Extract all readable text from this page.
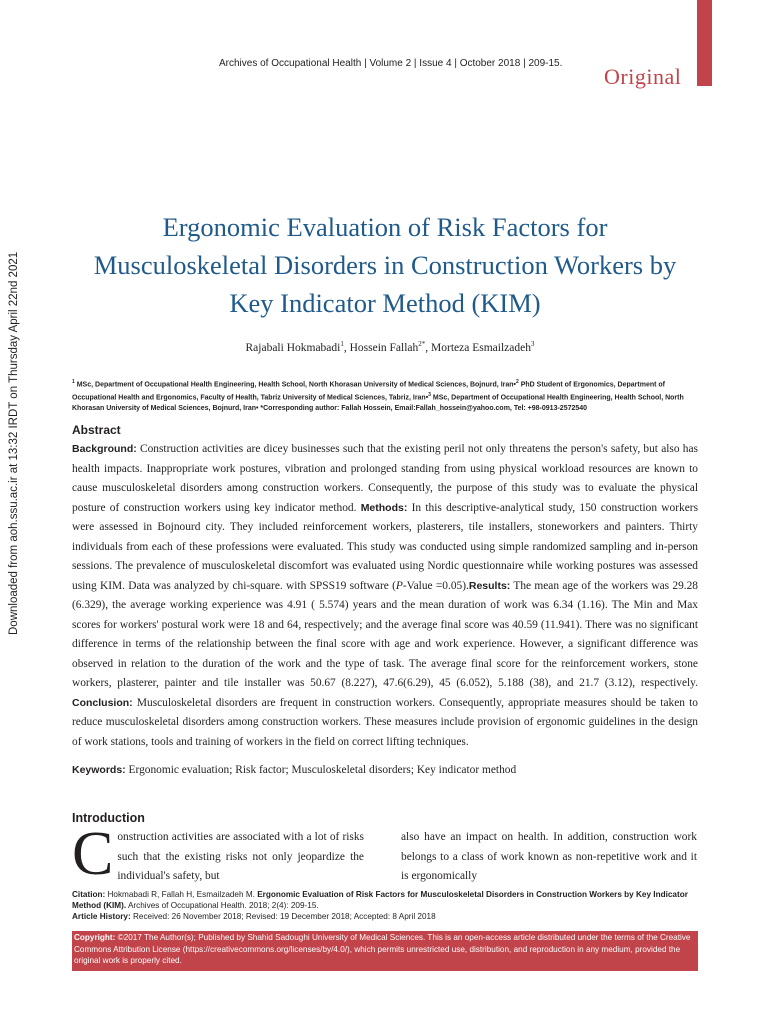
Archives of Occupational Health | Volume 2 | Issue 4 | October 2018 | 209-15.
Original
Downloaded from aoh.ssu.ac.ir at 13:32 IRDT on Thursday April 22nd 2021
Ergonomic Evaluation of Risk Factors for Musculoskeletal Disorders in Construction Workers by Key Indicator Method (KIM)
Rajabali Hokmabadi$^1$, Hossein Fallah$^{2*}$, Morteza Esmailzadeh$^3$
$^1$ MSc, Department of Occupational Health Engineering, Health School, North Khorasan University of Medical Sciences, Bojnurd, Iran•$^2$ PhD Student of Ergonomics, Department of Occupational Health and Ergonomics, Faculty of Health, Tabriz University of Medical Sciences, Tabriz, Iran•$^3$ MSc, Department of Occupational Health Engineering, Health School, North Khorasan University of Medical Sciences, Bojnurd, Iran• *Corresponding author: Fallah Hossein, Email:Fallah_hossein@yahoo.com, Tel: +98-0913-2572540
Abstract
Background: Construction activities are dicey businesses such that the existing peril not only threatens the person's safety, but also has health impacts. Inappropriate work postures, vibration and prolonged standing from using physical workload resources are known to cause musculoskeletal disorders among construction workers. Consequently, the purpose of this study was to evaluate the physical posture of construction workers using key indicator method. Methods: In this descriptive-analytical study, 150 construction workers were assessed in Bojnourd city. They included reinforcement workers, plasterers, tile installers, stoneworkers and painters. Thirty individuals from each of these professions were evaluated. This study was conducted using simple randomized sampling and in-person sessions. The prevalence of musculoskeletal discomfort was evaluated using Nordic questionnaire while working postures was assessed using KIM. Data was analyzed by chi-square. with SPSS19 software (P-Value =0.05).Results: The mean age of the workers was 29.28 (6.329), the average working experience was 4.91 ( 5.574) years and the mean duration of work was 6.34 (1.16). The Min and Max scores for workers' postural work were 18 and 64, respectively; and the average final score was 40.59 (11.941). There was no significant difference in terms of the relationship between the final score with age and work experience. However, a significant difference was observed in relation to the duration of the work and the type of task. The average final score for the reinforcement workers, stone workers, plasterer, painter and tile installer was 50.67 (8.227), 47.6(6.29), 45 (6.052), 5.188 (38), and 21.7 (3.12), respectively. Conclusion: Musculoskeletal disorders are frequent in construction workers. Consequently, appropriate measures should be taken to reduce musculoskeletal disorders among construction workers. These measures include provision of ergonomic guidelines in the design of work stations, tools and training of workers in the field on correct lifting techniques.
Keywords: Ergonomic evaluation; Risk factor; Musculoskeletal disorders; Key indicator method
Introduction
Construction activities are associated with a lot of risks such that the existing risks not only jeopardize the individual's safety, but
also have an impact on health. In addition, construction work belongs to a class of work known as non-repetitive work and it is ergonomically
Citation: Hokmabadi R, Fallah H, Esmailzadeh M. Ergonomic Evaluation of Risk Factors for Musculoskeletal Disorders in Construction Workers by Key Indicator Method (KIM). Archives of Occupational Health. 2018; 2(4): 209-15.
Article History: Received: 26 November 2018; Revised: 19 December 2018; Accepted: 8 April 2018
Copyright: ©2017 The Author(s); Published by Shahid Sadoughi University of Medical Sciences. This is an open-access article distributed under the terms of the Creative Commons Attribution License (https://creativecommons.org/licenses/by/4.0/), which permits unrestricted use, distribution, and reproduction in any medium, provided the original work is properly cited.
